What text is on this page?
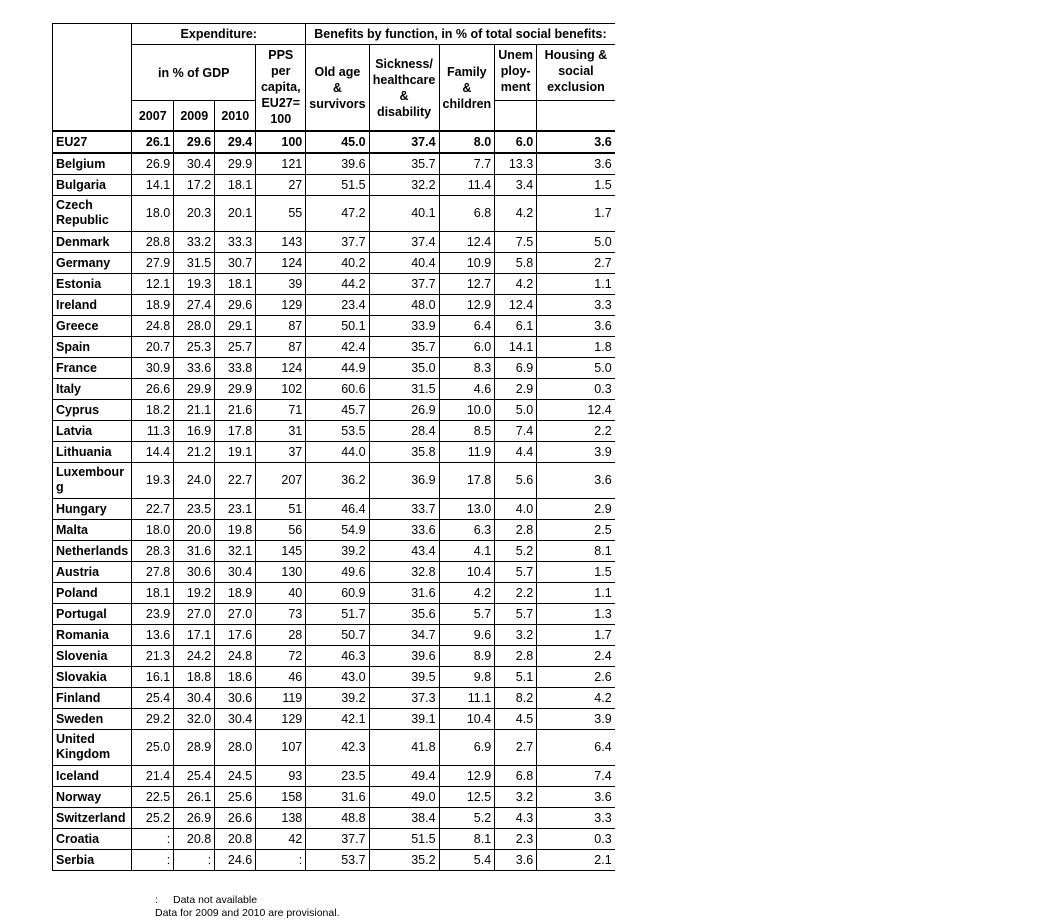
	Expenditure:				Benefits by function, in % of total social benefits:				
	in % of GDP			PPS
per
capita,
EU27=
100	Old age
&
survivors	Sickness/
healthcare
&
disability	Family
&
children	Unem
ploy-
ment	Housing &
social
exclusion
	2007	2009	2010						
EU27	26.1	29.6	29.4	100	45.0	37.4	8.0	6.0	3.6
Belgium	26.9	30.4	29.9	121	39.6	35.7	7.7	13.3	3.6
Bulgaria	14.1	17.2	18.1	27	51.5	32.2	11.4	3.4	1.5
Czech Republic	18.0	20.3	20.1	55	47.2	40.1	6.8	4.2	1.7
Denmark	28.8	33.2	33.3	143	37.7	37.4	12.4	7.5	5.0
Germany	27.9	31.5	30.7	124	40.2	40.4	10.9	5.8	2.7
Estonia	12.1	19.3	18.1	39	44.2	37.7	12.7	4.2	1.1
Ireland	18.9	27.4	29.6	129	23.4	48.0	12.9	12.4	3.3
Greece	24.8	28.0	29.1	87	50.1	33.9	6.4	6.1	3.6
Spain	20.7	25.3	25.7	87	42.4	35.7	6.0	14.1	1.8
France	30.9	33.6	33.8	124	44.9	35.0	8.3	6.9	5.0
Italy	26.6	29.9	29.9	102	60.6	31.5	4.6	2.9	0.3
Cyprus	18.2	21.1	21.6	71	45.7	26.9	10.0	5.0	12.4
Latvia	11.3	16.9	17.8	31	53.5	28.4	8.5	7.4	2.2
Lithuania	14.4	21.2	19.1	37	44.0	35.8	11.9	4.4	3.9
Luxembour g	19.3	24.0	22.7	207	36.2	36.9	17.8	5.6	3.6
Hungary	22.7	23.5	23.1	51	46.4	33.7	13.0	4.0	2.9
Malta	18.0	20.0	19.8	56	54.9	33.6	6.3	2.8	2.5
Netherlands	28.3	31.6	32.1	145	39.2	43.4	4.1	5.2	8.1
Austria	27.8	30.6	30.4	130	49.6	32.8	10.4	5.7	1.5
Poland	18.1	19.2	18.9	40	60.9	31.6	4.2	2.2	1.1
Portugal	23.9	27.0	27.0	73	51.7	35.6	5.7	5.7	1.3
Romania	13.6	17.1	17.6	28	50.7	34.7	9.6	3.2	1.7
Slovenia	21.3	24.2	24.8	72	46.3	39.6	8.9	2.8	2.4
Slovakia	16.1	18.8	18.6	46	43.0	39.5	9.8	5.1	2.6
Finland	25.4	30.4	30.6	119	39.2	37.3	11.1	8.2	4.2
Sweden	29.2	32.0	30.4	129	42.1	39.1	10.4	4.5	3.9
United Kingdom	25.0	28.9	28.0	107	42.3	41.8	6.9	2.7	6.4
Iceland	21.4	25.4	24.5	93	23.5	49.4	12.9	6.8	7.4
Norway	22.5	26.1	25.6	158	31.6	49.0	12.5	3.2	3.6
Switzerland	25.2	26.9	26.6	138	48.8	38.4	5.2	4.3	3.3
Croatia	:	20.8	20.8	42	37.7	51.5	8.1	2.3	0.3
Serbia	:	:	24.6	:	53.7	35.2	5.4	3.6	2.1
: Data not available
Data for 2009 and 2010 are provisional.
